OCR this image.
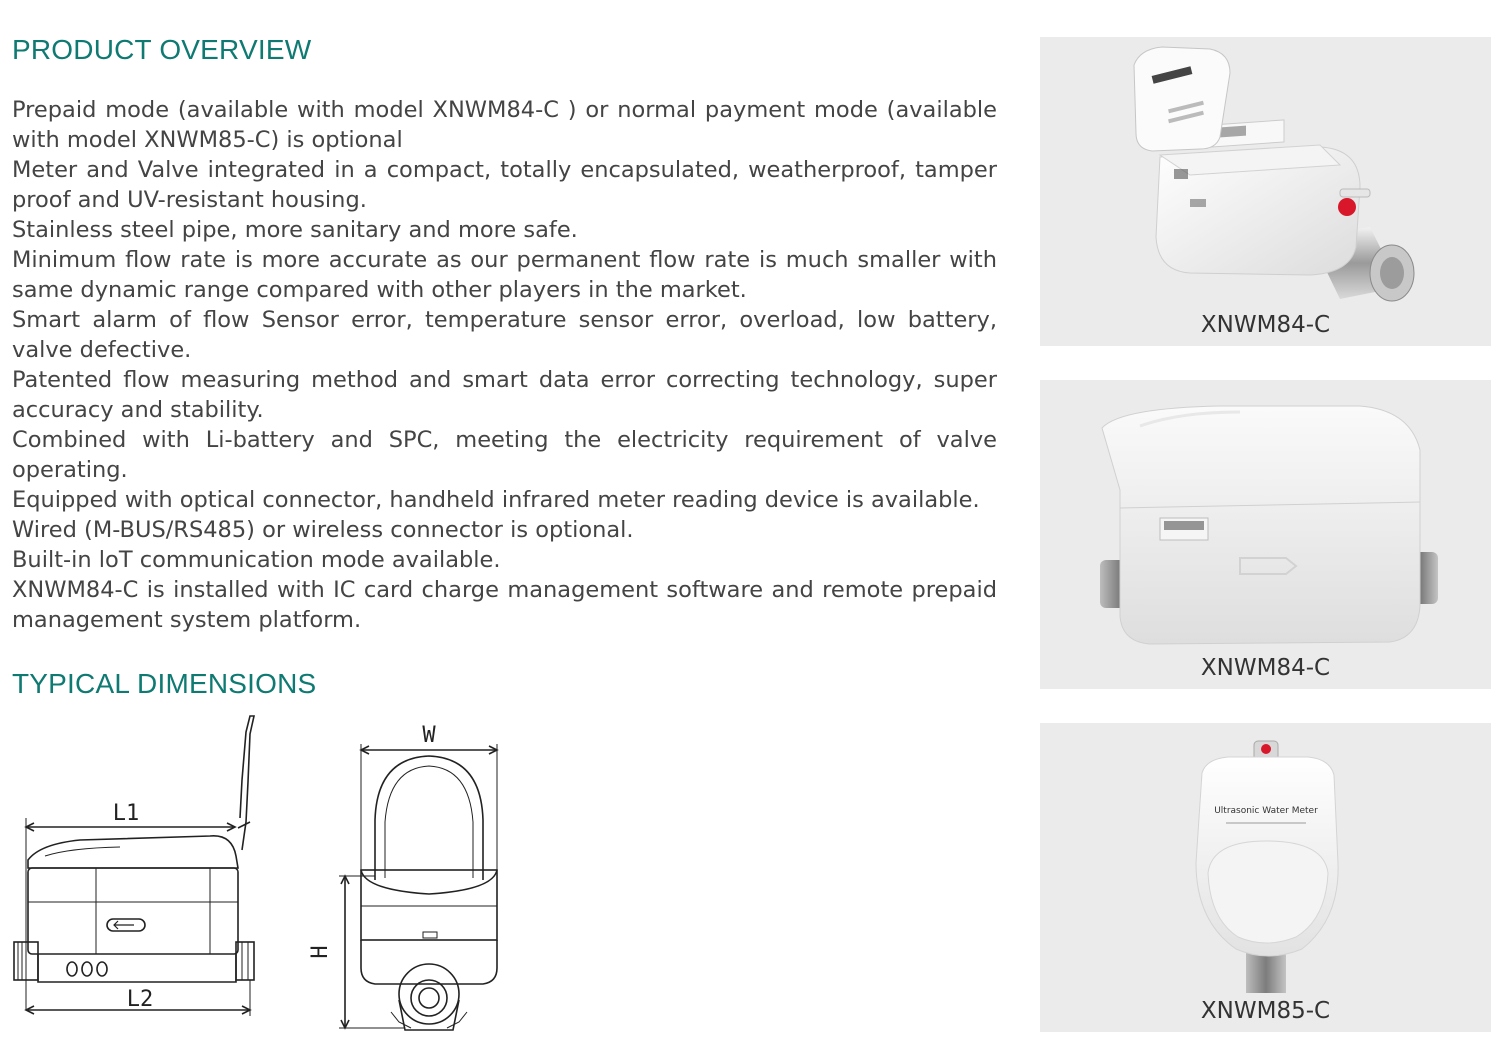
PRODUCT OVERVIEW

Prepaid mode (available with model XNWM84-C ) or normal payment mode (available with model XNWM85-C) is optional

Meter and Valve integrated in a compact, totally encapsulated, weatherproof, tamper proof and UV-resistant housing.

Stainless steel pipe, more sanitary and more safe.

Minimum flow rate is more accurate as our permanent flow rate is much smaller with same dynamic range compared with other players in the market.

Smart alarm of flow Sensor error, temperature sensor error, overload, low battery, valve defective.

Patented flow measuring method and smart data error correcting technology, super accuracy and stability.

Combined with Li-battery and SPC, meeting the electricity requirement of valve operating.

Equipped with optical connector, handheld infrared meter reading device is available.

Wired (M-BUS/RS485) or wireless connector is optional.

Built-in loT communication mode available.

XNWM84-C is installed with IC card charge management software and remote prepaid management system platform.

TYPICAL DIMENSIONS
L1
L2
W
H
XNWM84-C
XNWM84-C
Ultrasonic Water Meter
XNWM85-C
